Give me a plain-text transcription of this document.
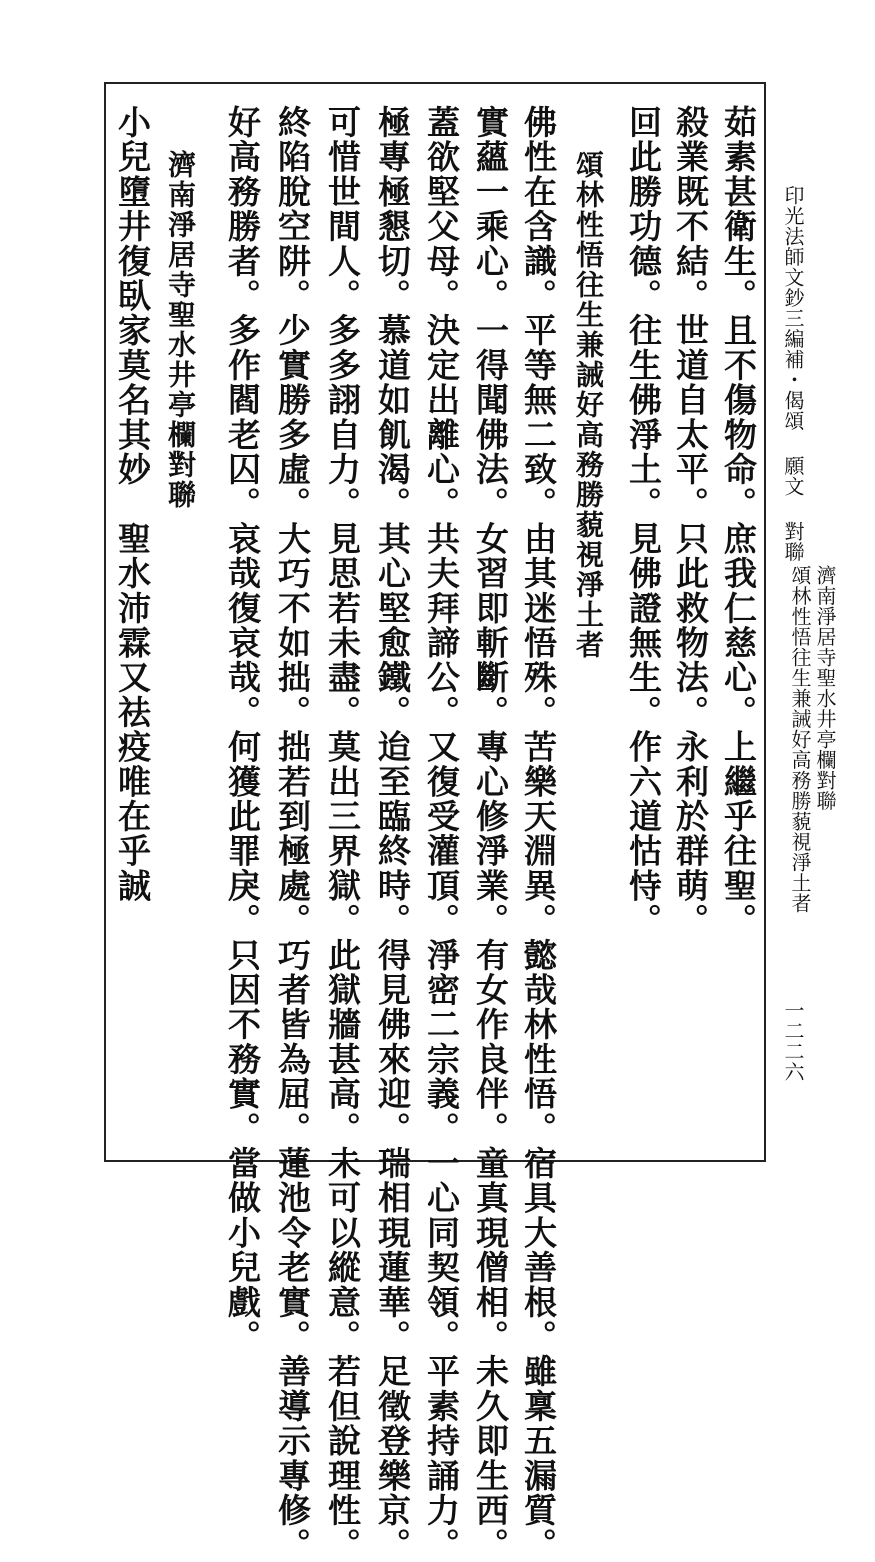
印光法師文鈔三編補・偈頌 願文 對聯
濟南淨居寺聖水井亭欄對聯
頌林性悟往生兼誡好高務勝藐視淨土者
一二二六
茹素甚衛生。且不傷物命。庶我仁慈心。上繼乎往聖。
殺業既不結。世道自太平。只此救物法。永利於群萌。
回此勝功德。往生佛淨土。見佛證無生。作六道怙恃。
頌林性悟往生兼誡好高務勝藐視淨土者
佛性在含識。平等無二致。由其迷悟殊。苦樂天淵異。懿哉林性悟。宿具大善根。雖稟五漏質。
實蘊一乘心。一得聞佛法。女習即斬斷。專心修淨業。有女作良伴。童真現僧相。未久即生西。
蓋欲堅父母。決定出離心。共夫拜諦公。又復受灌頂。淨密二宗義。一心同契領。平素持誦力。
極專極懇切。慕道如飢渴。其心堅愈鐵。迨至臨終時。得見佛來迎。瑞相現蓮華。足徵登樂京。
可惜世間人。多多詡自力。見思若未盡。莫出三界獄。此獄牆甚高。未可以縱意。若但說理性。
終陷脫空阱。少實勝多虛。大巧不如拙。拙若到極處。巧者皆為屈。蓮池令老實。善導示專修。
好高務勝者。多作閻老囚。哀哉復哀哉。何獲此罪戾。只因不務實。當做小兒戲。
濟南淨居寺聖水井亭欄對聯
小兒墮井復臥家莫名其妙　聖水沛霖又祛疫唯在乎誠
